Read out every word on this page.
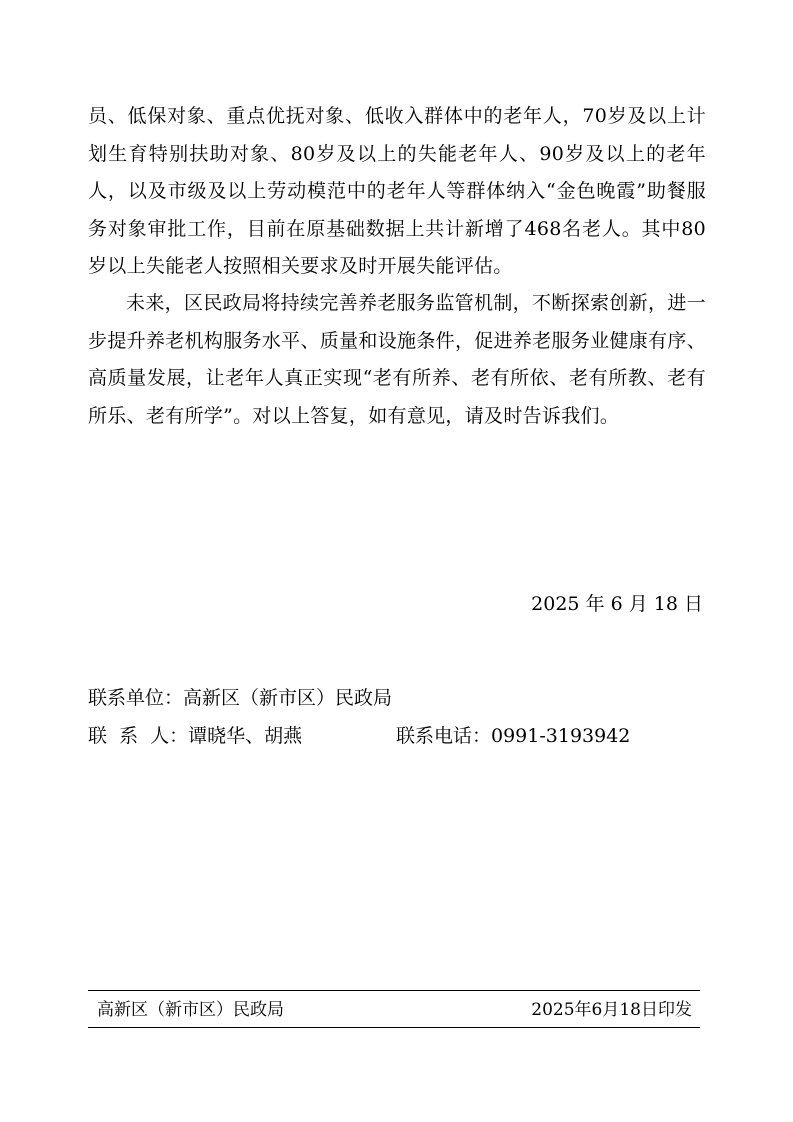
员、低保对象、重点优抚对象、低收入群体中的老年人，70岁及以上计划生育特别扶助对象、80岁及以上的失能老年人、90岁及以上的老年人，以及市级及以上劳动模范中的老年人等群体纳入“金色晚霞”助餐服务对象审批工作，目前在原基础数据上共计新增了468名老人。其中80岁以上失能老人按照相关要求及时开展失能评估。

未来，区民政局将持续完善养老服务监管机制，不断探索创新，进一步提升养老机构服务水平、质量和设施条件，促进养老服务业健康有序、高质量发展，让老年人真正实现“老有所养、老有所依、老有所教、老有所乐、老有所学”。对以上答复，如有意见，请及时告诉我们。

2025 年 6 月 18 日

联系单位：高新区（新市区）民政局

联  系  人：谭晓华、胡燕	联系电话：0991-3193942
高新区（新市区）民政局	2025年6月18日印发
